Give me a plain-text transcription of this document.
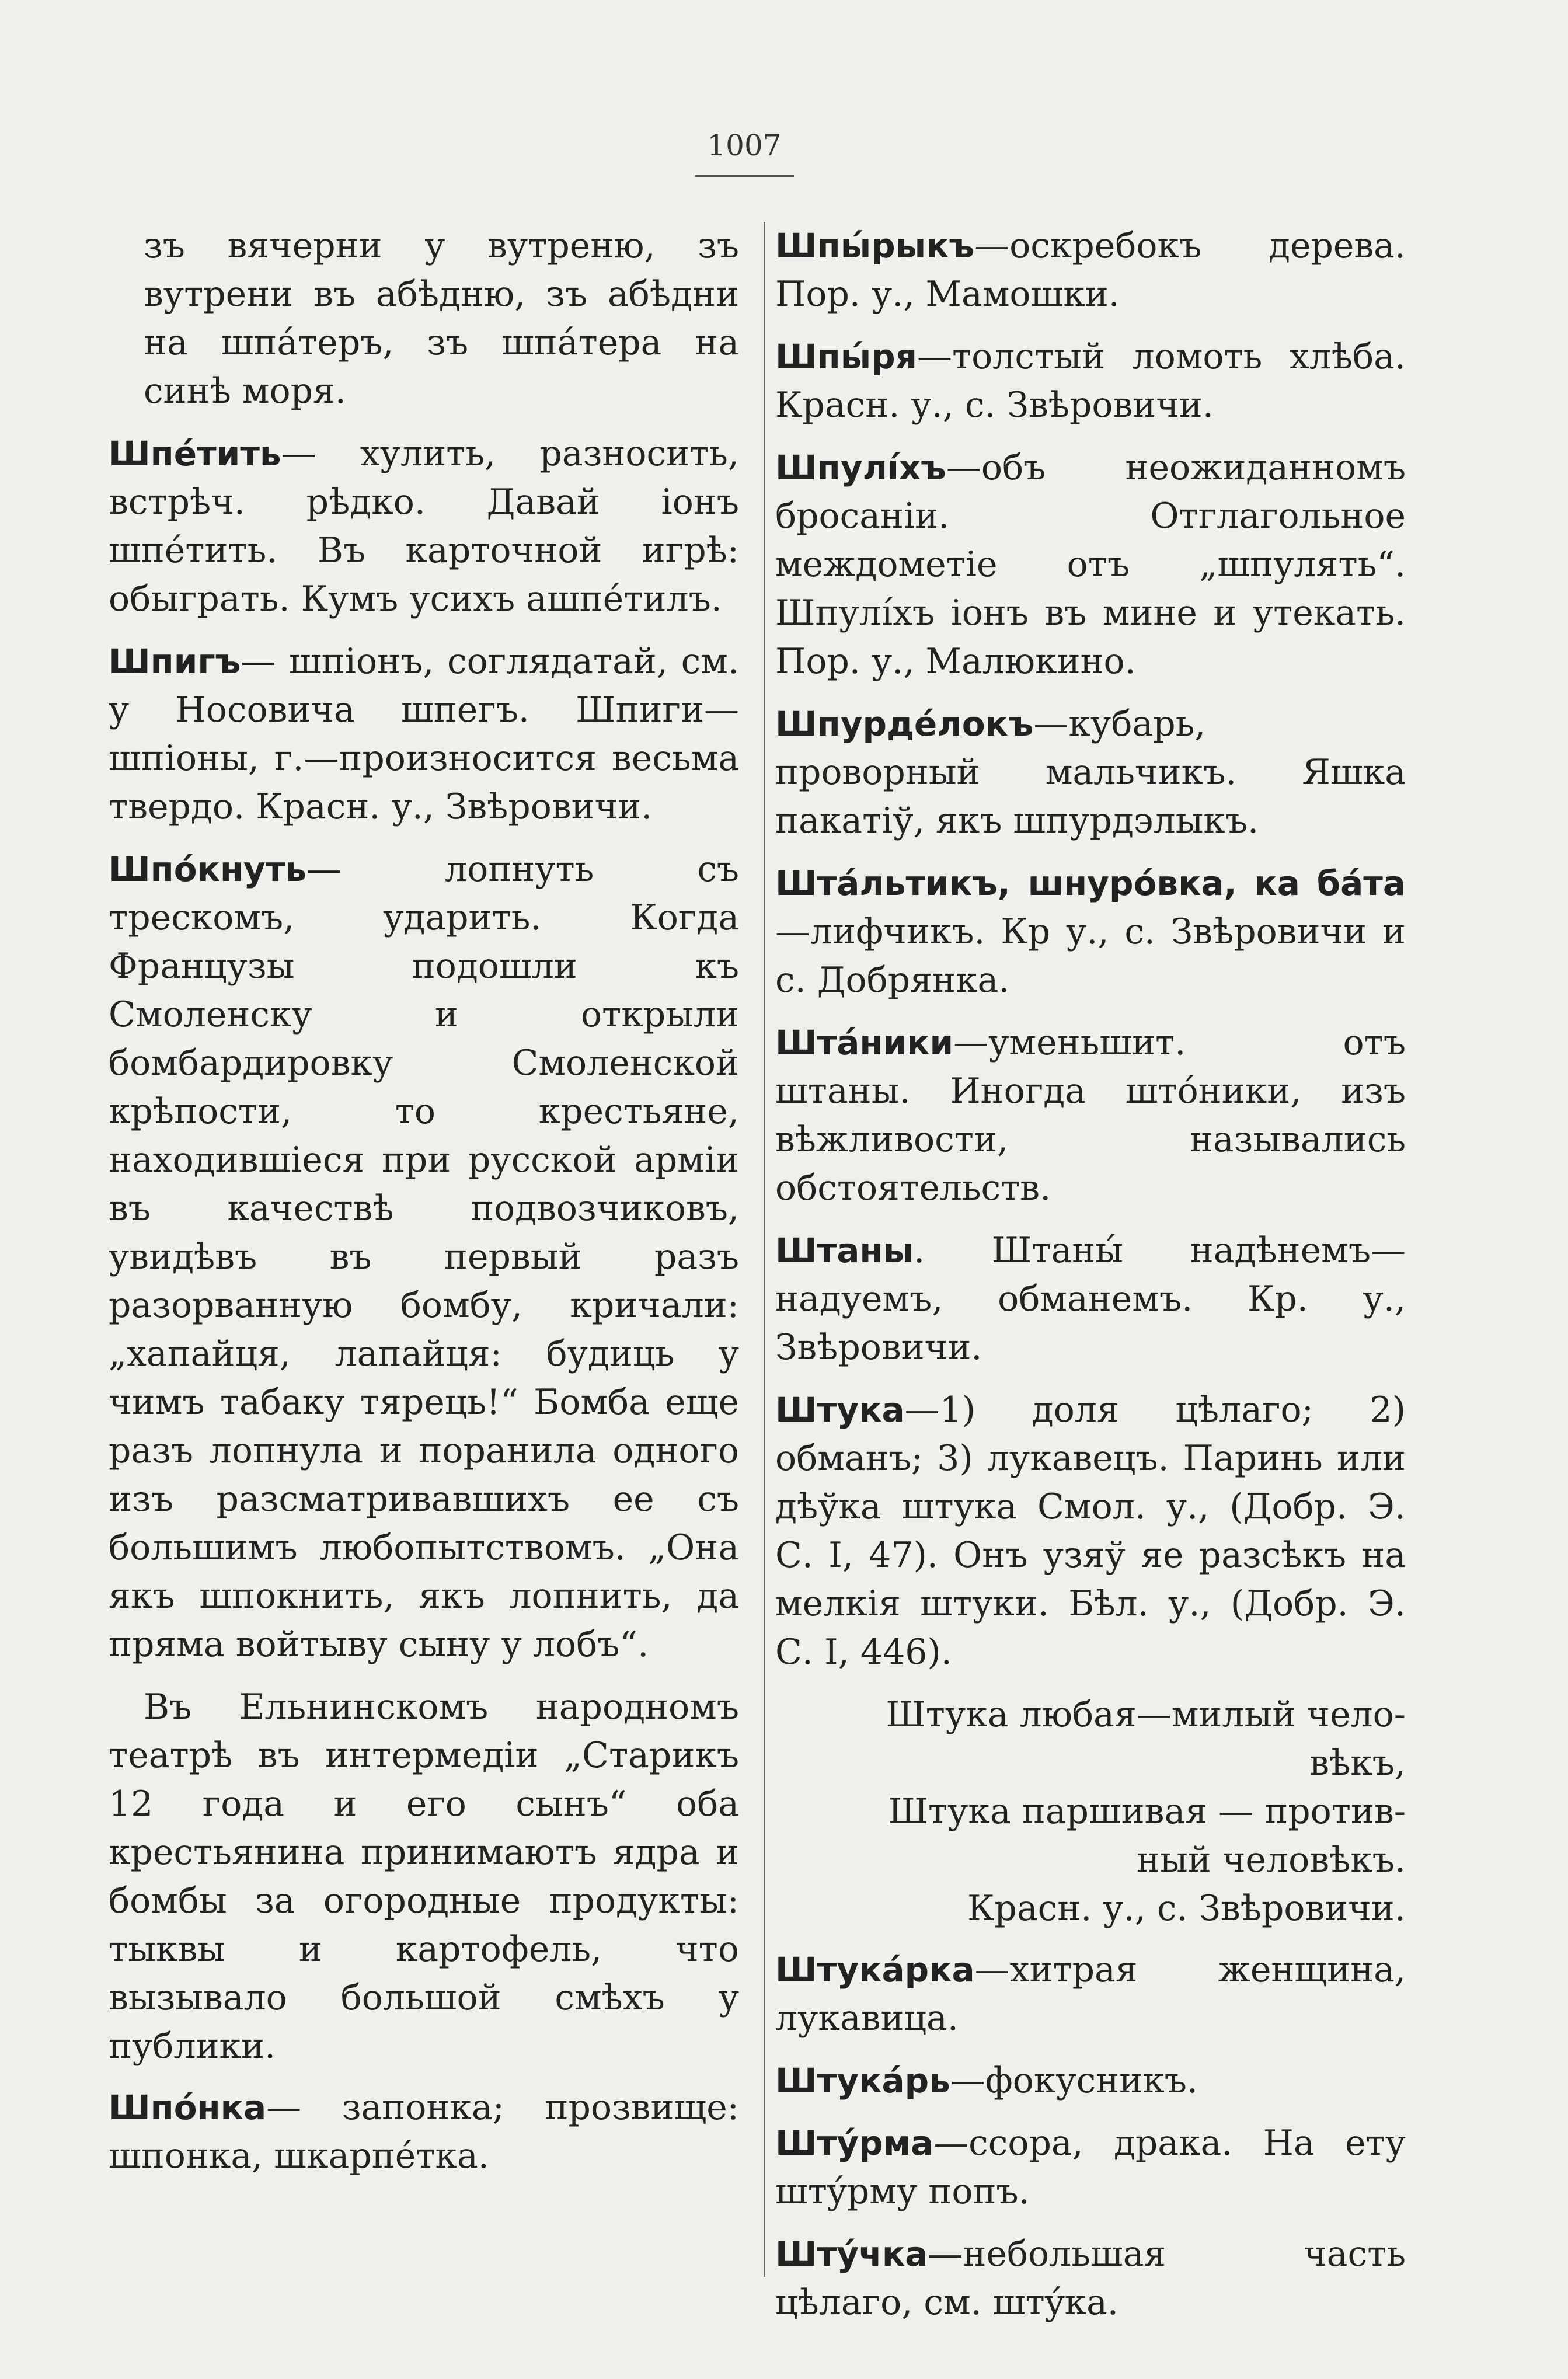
1007

зъ вячерни у вутреню, зъ вутрени въ абѣдню, зъ абѣдни на шпáтеръ, зъ шпáтера на синѣ моря.

Шпéтить— хулить, разносить, встрѣч. рѣдко. Давай іонъ шпéтить. Въ карточной игрѣ: обыграть. Кумъ усихъ ашпéтилъ.

Шпигъ— шпіонъ, соглядатай, см. у Носовича шпегъ. Шпиги—шпіоны, г.—произносится весьма твердо. Красн. у., Звѣровичи.

Шпóкнуть— лопнуть съ трескомъ, ударить. Когда Французы подошли къ Смоленску и открыли бомбардировку Смоленской крѣпости, то крестьяне, находившіеся при русской арміи въ качествѣ подвозчиковъ, увидѣвъ въ первый разъ разорванную бомбу, кричали: „хапайця, лапайця: будиць у чимъ табаку тярець!“ Бомба еще разъ лопнула и поранила одного изъ разсматривавшихъ ее съ большимъ любопытствомъ. „Она якъ шпокнить, якъ лопнить, да пряма войтыву сыну у лобъ“.

Въ Ельнинскомъ народномъ театрѣ въ интермедіи „Старикъ 12 года и его сынъ“ оба крестьянина принимаютъ ядра и бомбы за огородные продукты: тыквы и картофель, что вызывало большой смѣхъ у публики.

Шпóнка— запонка; прозвище: шпонка, шкарпéтка.

Шпы́рыкъ—оскребокъ дерева. Пор. у., Мамошки.

Шпы́ря—толстый ломоть хлѣба. Красн. у., с. Звѣровичи.

Шпулíхъ—объ неожиданномъ бросаніи. Отглагольное междометіе отъ „шпулять“. Шпулíхъ іонъ въ мине и утекать. Пор. у., Малюкино.

Шпурдéлокъ—кубарь, проворный мальчикъ. Яшка пакатіў, якъ шпурдэлыкъ.

Штáльтикъ, шнурóвка, ка бáта—лифчикъ. Кр у., с. Звѣровичи и с. Добрянка.

Штáники—уменьшит. отъ штаны. Иногда штóники, изъ вѣжливости, назывались обстоятельств.

Штаны. Штаны́ надѣнемъ—надуемъ, обманемъ. Кр. у., Звѣровичи.

Штука—1) доля цѣлаго; 2) обманъ; 3) лукавецъ. Паринь или дѣўка штука Смол. у., (Добр. Э. С. I, 47). Онъ узяў яе разсѣкъ на мелкія штуки. Бѣл. у., (Добр. Э. С. I, 446).

Штука любая—милый чело-
вѣкъ,
Штука паршивая — против-
ный человѣкъ.
Красн. у., с. Звѣровичи.

Штукáрка—хитрая женщина, лукавица.

Штукáрь—фокусникъ.

Штýрма—ссора, драка. На ету штýрму попъ.

Штýчка—небольшая часть цѣлаго, см. штýка.
